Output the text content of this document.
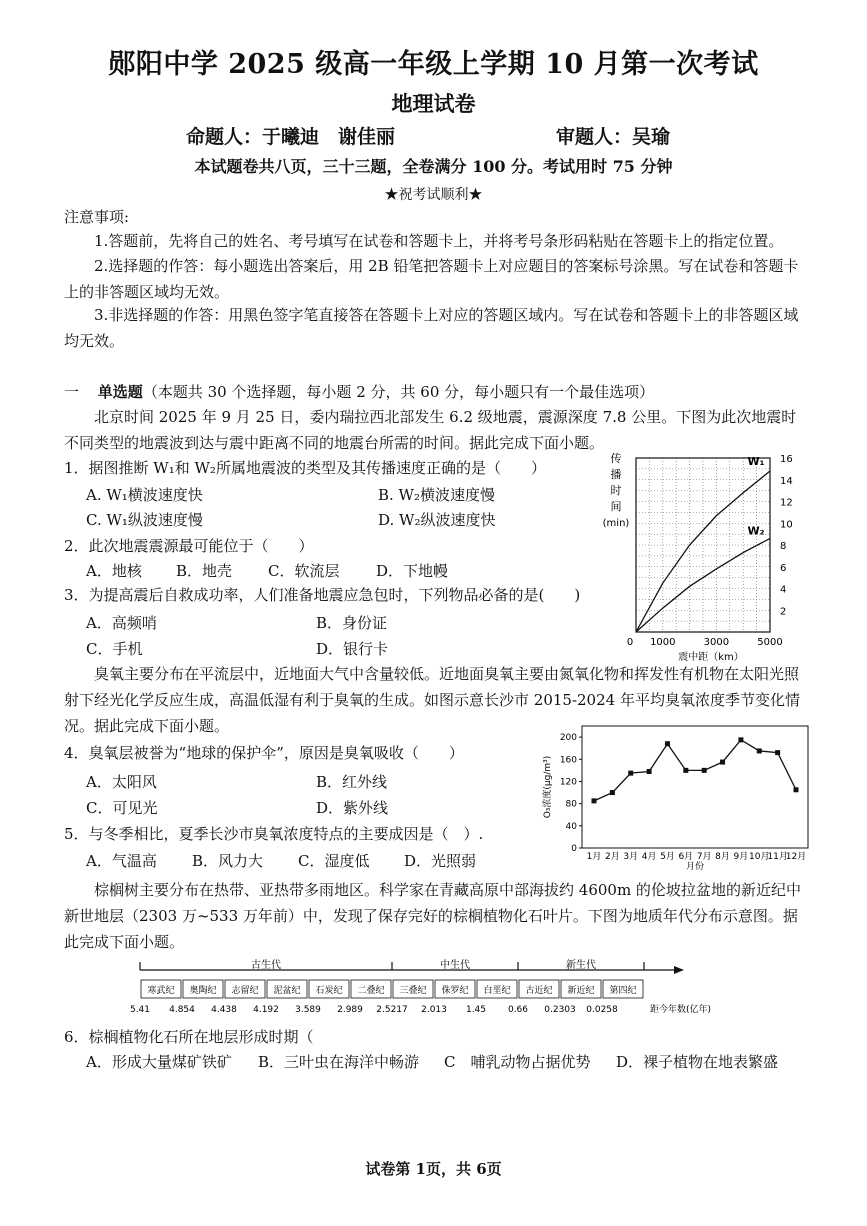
郧阳中学 2025 级高一年级上学期 10 月第一次考试
地理试卷
命题人：于曦迪　谢佳丽	审题人：吴瑜
本试题卷共八页，三十三题，全卷满分 100 分。考试用时 75 分钟
★祝考试顺利★
注意事项:
1.答题前，先将自己的姓名、考号填写在试卷和答题卡上，并将考号条形码粘贴在答题卡上的指定位置。
2.选择题的作答：每小题选出答案后，用 2B 铅笔把答题卡上对应题目的答案标号涂黑。写在试卷和答题卡上的非答题区域均无效。
3.非选择题的作答：用黑色签字笔直接答在答题卡上对应的答题区域内。写在试卷和答题卡上的非答题区域均无效。
一 单选题（本题共 30 个选择题，每小题 2 分，共 60 分，每小题只有一个最佳选项）
北京时间 2025 年 9 月 25 日，委内瑞拉西北部发生 6.2 级地震，震源深度 7.8 公里。下图为此次地震时不同类型的地震波到达与震中距离不同的地震台所需的时间。据此完成下面小题。
1．据图推断 W₁和 W₂所属地震波的类型及其传播速度正确的是（　　）
A. W₁横波速度快	B. W₂横波速度慢
C. W₁纵波速度慢	D. W₂纵波速度快
2．此次地震震源最可能位于（　　）
A．地核 B．地壳 C．软流层 D．下地幔
3．为提高震后自救成功率，人们准备地震应急包时，下列物品必备的是(　　)
A．高频哨	B．身份证
C．手机	D．银行卡
传
播
时
间
(min)
2
4
6
8
10
12
14
16
0 1000	3000	5000
震中距（km）
W₁
W₂
臭氧主要分布在平流层中，近地面大气中含量较低。近地面臭氧主要由氮氧化物和挥发性有机物在太阳光照射下经光化学反应生成，高温低湿有利于臭氧的生成。如图示意长沙市 2015-2024 年平均臭氧浓度季节变化情况。据此完成下面小题。
0
40
80
120
160
200
O₃浓度(μg/m³)
1月 2月 3月 4月 5月 6月 7月 8月 9月 10月
11月
12月
月份
4．臭氧层被誉为“地球的保护伞”，原因是臭氧吸收（　　）
A．太阳风	B．红外线
C．可见光	D．紫外线
5．与冬季相比，夏季长沙市臭氧浓度特点的主要成因是（　）.
A．气温高 B．风力大 C．湿度低 D．光照弱
棕榈树主要分布在热带、亚热带多雨地区。科学家在青藏高原中部海拔约 4600m 的伦坡拉盆地的新近纪中新世地层（2303 万~533 万年前）中，发现了保存完好的棕榈植物化石叶片。下图为地质年代分布示意图。据此完成下面小题。
古生代	中生代	新生代
寒武纪 奥陶纪 志留纪 泥盆纪 石炭纪 二叠纪 三叠纪 侏罗纪 白垩纪 古近纪 新近纪 第四纪
5.41 4.854 4.438 4.192 3.589 2.989 2.5217 2.013 1.45 0.66 0.2303 0.0258	距今年数(亿年)
6．棕榈植物化石所在地层形成时期（
A．形成大量煤矿铁矿 B．三叶虫在海洋中畅游 C　哺乳动物占据优势 D．裸子植物在地表繁盛
试卷第 1页，共 6页
